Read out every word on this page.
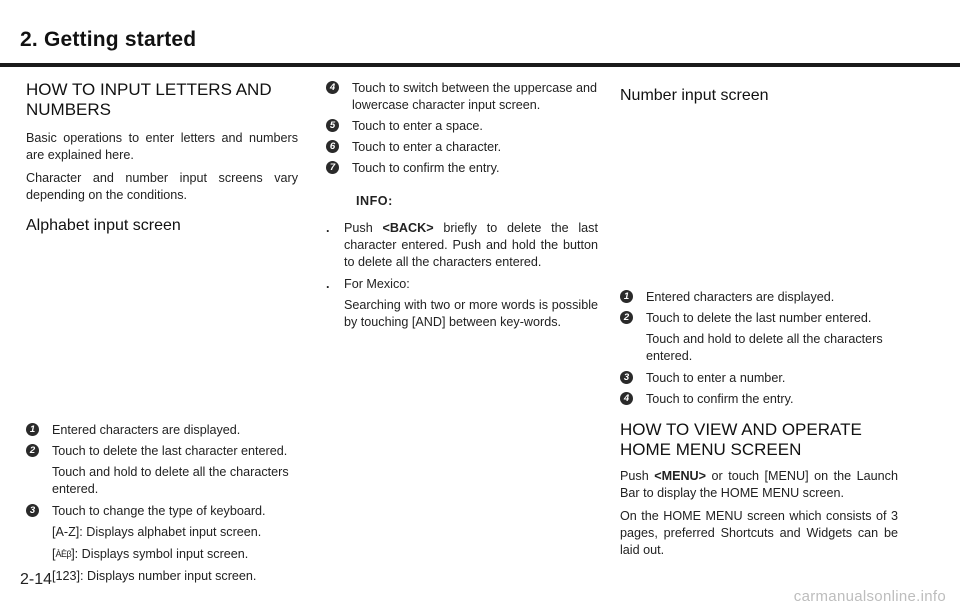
2. Getting started
HOW TO INPUT LETTERS AND
NUMBERS

Basic operations to enter letters and numbers are explained here.

Character and number input screens vary depending on the conditions.

Alphabet input screen
1	Entered characters are displayed.
2	Touch to delete the last character entered.

Touch and hold to delete all the characters entered.

3	Touch to change the type of keyboard.

[A-Z]: Displays alphabet input screen.

[ÀÈβ]: Displays symbol input screen.

[123]: Displays number input screen.

4	Touch to switch between the uppercase and lowercase character input screen.
5	Touch to enter a space.
6	Touch to enter a character.
7	Touch to confirm the entry.
INFO:
. Push <BACK> briefly to delete the last character entered. Push and hold the button to delete all the characters entered.
. For Mexico:
Searching with two or more words is possible by touching [AND] between key-words.
Number input screen
1	Entered characters are displayed.
2	Touch to delete the last number entered.

Touch and hold to delete all the characters entered.

3	Touch to enter a number.
4	Touch to confirm the entry.
HOW TO VIEW AND OPERATE
HOME MENU SCREEN

Push <MENU> or touch [MENU] on the Launch Bar to display the HOME MENU screen.

On the HOME MENU screen which consists of 3 pages, preferred Shortcuts and Widgets can be laid out.

2-14
carmanualsonline.info
